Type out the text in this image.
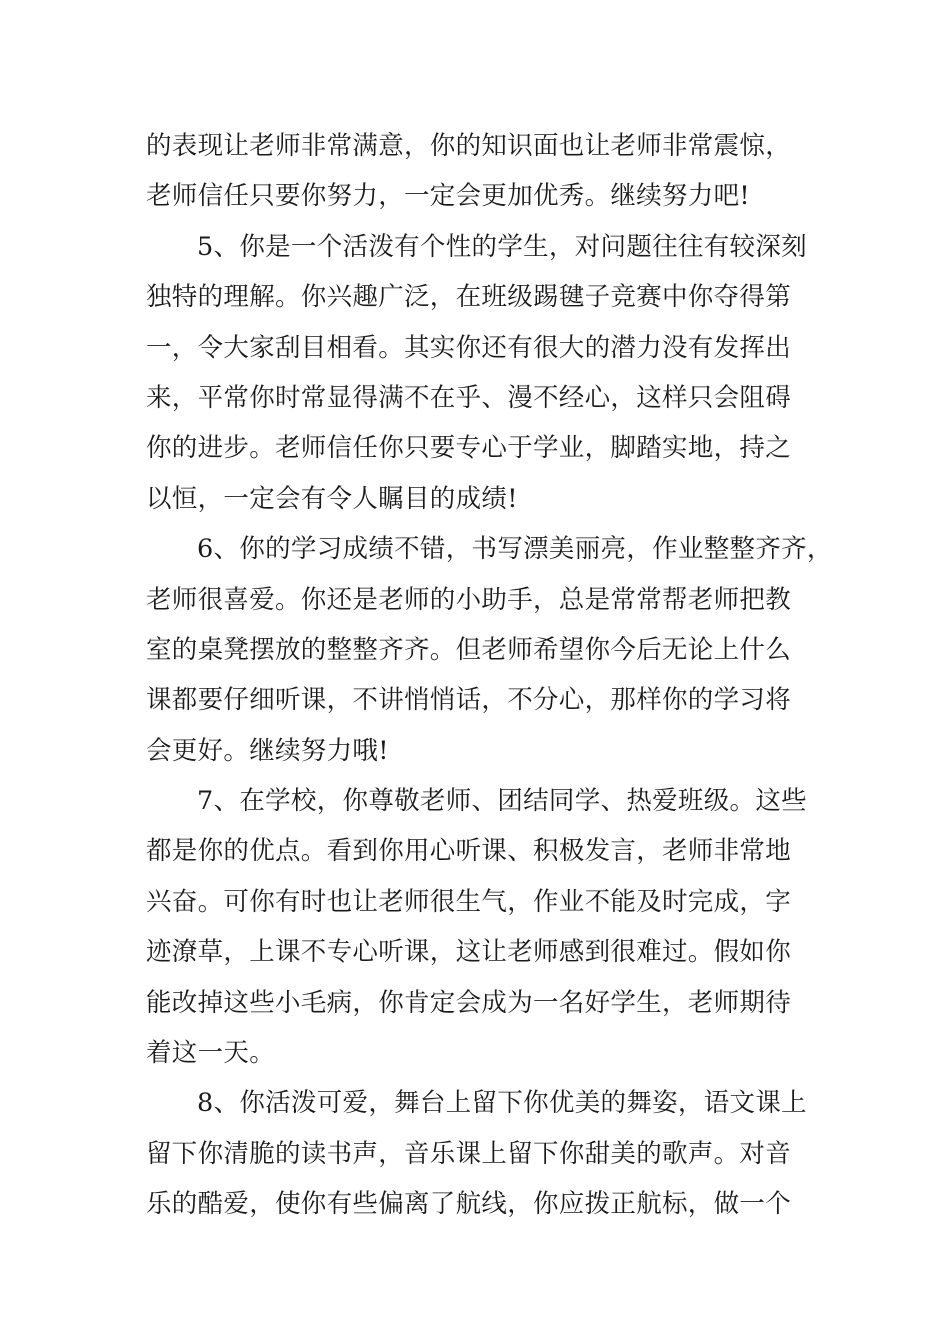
的表现让老师非常满意，你的知识面也让老师非常震惊，
老师信任只要你努力，一定会更加优秀。继续努力吧!
5、你是一个活泼有个性的学生，对问题往往有较深刻
独特的理解。你兴趣广泛，在班级踢毽子竞赛中你夺得第
一，令大家刮目相看。其实你还有很大的潜力没有发挥出
来，平常你时常显得满不在乎、漫不经心，这样只会阻碍
你的进步。老师信任你只要专心于学业，脚踏实地，持之
以恒，一定会有令人瞩目的成绩!
6、你的学习成绩不错，书写漂美丽亮，作业整整齐齐，
老师很喜爱。你还是老师的小助手，总是常常帮老师把教
室的桌凳摆放的整整齐齐。但老师希望你今后无论上什么
课都要仔细听课，不讲悄悄话，不分心，那样你的学习将
会更好。继续努力哦!
7、在学校，你尊敬老师、团结同学、热爱班级。这些
都是你的优点。看到你用心听课、积极发言，老师非常地
兴奋。可你有时也让老师很生气，作业不能及时完成，字
迹潦草，上课不专心听课，这让老师感到很难过。假如你
能改掉这些小毛病，你肯定会成为一名好学生，老师期待
着这一天。
8、你活泼可爱，舞台上留下你优美的舞姿，语文课上
留下你清脆的读书声，音乐课上留下你甜美的歌声。对音
乐的酷爱，使你有些偏离了航线，你应拨正航标，做一个
